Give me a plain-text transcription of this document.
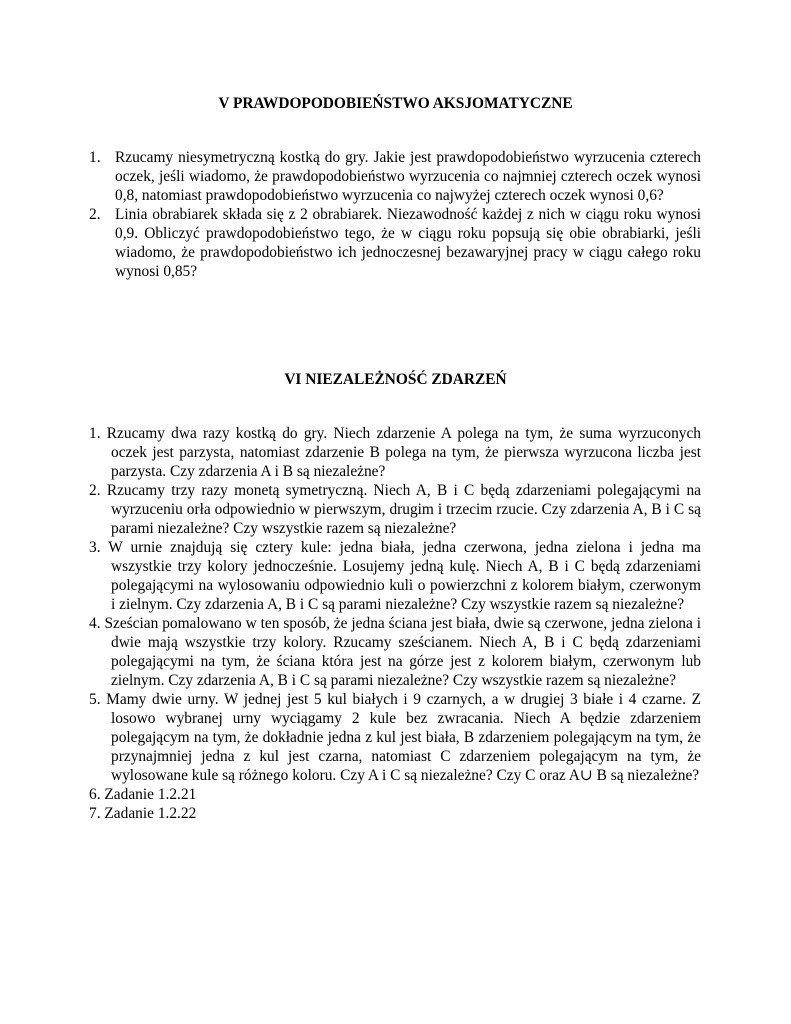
V PRAWDOPODOBIEŃSTWO AKSJOMATYCZNE
1. Rzucamy niesymetryczną kostką do gry. Jakie jest prawdopodobieństwo wyrzucenia czterech oczek, jeśli wiadomo, że prawdopodobieństwo wyrzucenia co najmniej czterech oczek wynosi 0,8, natomiast prawdopodobieństwo wyrzucenia co najwyżej czterech oczek wynosi 0,6?
2. Linia obrabiarek składa się z 2 obrabiarek. Niezawodność każdej z nich w ciągu roku wynosi 0,9. Obliczyć prawdopodobieństwo tego, że w ciągu roku popsują się obie obrabiarki, jeśli wiadomo, że prawdopodobieństwo ich jednoczesnej bezawaryjnej pracy w ciągu całego roku wynosi 0,85?
VI NIEZALEŻNOŚĆ ZDARZEŃ
1. Rzucamy dwa razy kostką do gry. Niech zdarzenie A polega na tym, że suma wyrzuconych oczek jest parzysta, natomiast zdarzenie B polega na tym, że pierwsza wyrzucona liczba jest parzysta. Czy zdarzenia A i B są niezależne?
2. Rzucamy trzy razy monetą symetryczną. Niech A, B i C będą zdarzeniami polegającymi na wyrzuceniu orła odpowiednio w pierwszym, drugim i trzecim rzucie. Czy zdarzenia A, B i C są parami niezależne? Czy wszystkie razem są niezależne?
3. W urnie znajdują się cztery kule: jedna biała, jedna czerwona, jedna zielona i jedna ma wszystkie trzy kolory jednocześnie. Losujemy jedną kulę. Niech A, B i C będą zdarzeniami polegającymi na wylosowaniu odpowiednio kuli o powierzchni z kolorem białym, czerwonym i zielnym. Czy zdarzenia A, B i C są parami niezależne? Czy wszystkie razem są niezależne?
4. Sześcian pomalowano w ten sposób, że jedna ściana jest biała, dwie są czerwone, jedna zielona i dwie mają wszystkie trzy kolory. Rzucamy sześcianem. Niech A, B i C będą zdarzeniami polegającymi na tym, że ściana która jest na górze jest z kolorem białym, czerwonym lub zielnym. Czy zdarzenia A, B i C są parami niezależne? Czy wszystkie razem są niezależne?
5. Mamy dwie urny. W jednej jest 5 kul białych i 9 czarnych, a w drugiej 3 białe i 4 czarne. Z losowo wybranej urny wyciągamy 2 kule bez zwracania. Niech A będzie zdarzeniem polegającym na tym, że dokładnie jedna z kul jest biała, B zdarzeniem polegającym na tym, że przynajmniej jedna z kul jest czarna, natomiast C zdarzeniem polegającym na tym, że wylosowane kule są różnego koloru. Czy A i C są niezależne? Czy C oraz A∪ B są niezależne?
6. Zadanie 1.2.21
7. Zadanie 1.2.22
